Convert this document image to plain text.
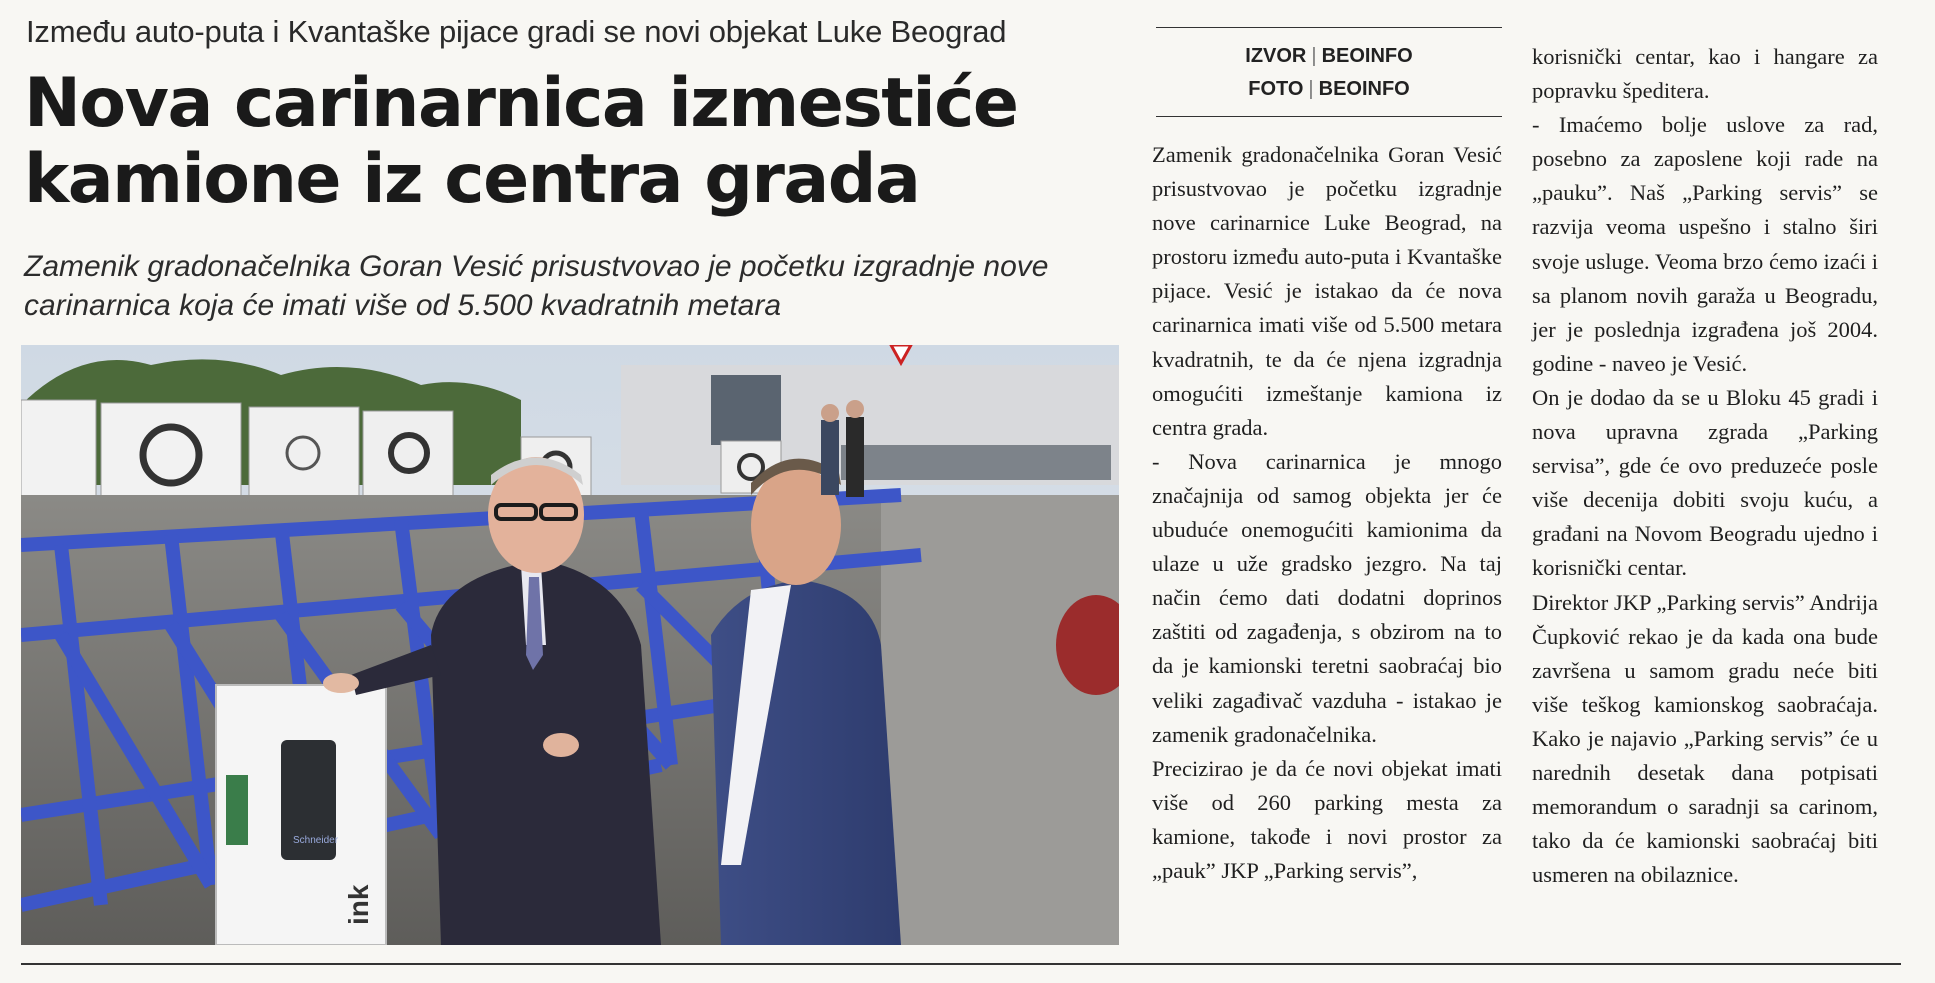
Između auto-puta i Kvantaške pijace gradi se novi objekat Luke Beograd
Nova carinarnica izmestiće
kamione iz centra grada
Zamenik gradonačelnika Goran Vesić prisustvovao je početku izgradnje nove
carinarnica koja će imati više od 5.500 kvadratnih metara
Schneider
ink
IZVOR | BEOINFO
FOTO | BEOINFO

Zamenik gradonačelnika Goran Vesić prisustvovao je početku izgradnje nove carinarnice Luke Beograd, na prostoru između auto-puta i Kvantaške pijace. Vesić je istakao da će nova carinarnica imati više od 5.500 metara kvadratnih, te da će njena izgradnja omogućiti izmeštanje kamiona iz centra grada.

- Nova carinarnica je mnogo značajnija od samog objekta jer će ubuduće onemogućiti kamionima da ulaze u uže gradsko jezgro. Na taj način ćemo dati dodatni doprinos zaštiti od zagađenja, s obzirom na to da je kamionski teretni saobraćaj bio veliki zagađivač vazduha - istakao je zamenik gradonačelnika.

Precizirao je da će novi objekat imati više od 260 parking mesta za kamione, takođe i novi prostor za „pauk” JKP „Parking servis”,

korisnički centar, kao i hangare za popravku špeditera.

- Imaćemo bolje uslove za rad, posebno za zaposlene koji rade na „pauku”. Naš „Parking servis” se razvija veoma uspešno i stalno širi svoje usluge. Veoma brzo ćemo izaći i sa planom novih garaža u Beogradu, jer je poslednja izgrađena još 2004. godine - naveo je Vesić.

On je dodao da se u Bloku 45 gradi i nova upravna zgrada „Parking servisa”, gde će ovo preduzeće posle više decenija dobiti svoju kuću, a građani na Novom Beogradu ujedno i korisnički centar.

Direktor JKP „Parking servis” Andrija Čupković rekao je da kada ona bude završena u samom gradu neće biti više teškog kamionskog saobraćaja. Kako je najavio „Parking servis” će u narednih desetak dana potpisati memorandum o saradnji sa carinom, tako da će kamionski saobraćaj biti usmeren na obilaznice.
